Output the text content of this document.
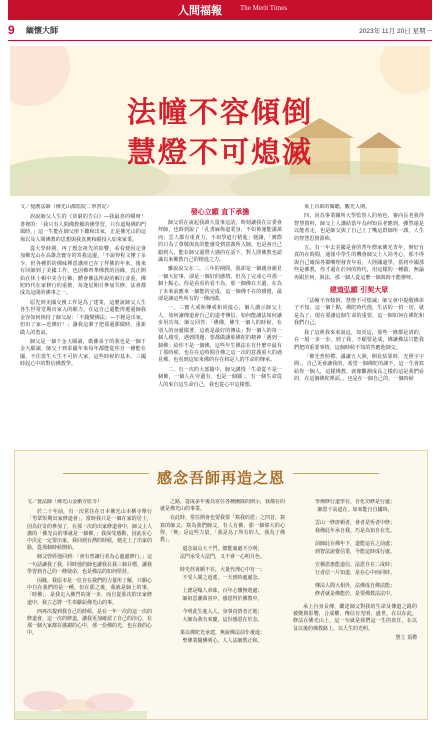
人間福報	The Merit Times
9 緬懷大師	2023年 11月 20日 星期一
法幢不容傾倒
慧燈不可熄滅

文／覺護法師（佛光山都監院二單書記）

誤說師父人生的《貧窮的告白》—我最喜的嚼呀！書裡的：「我只有人間佛教佛的佛學習，只有道場佛的門風時，」這一生能在師父座下聽和出家，正是佛光山的這場以及人間佛教的思想與我真實和願投入如來家業。

從大學時期，再了想念祖先的影響，看看便因定會加佛光山在高雄念寶寺的寄我這邊，「不說得程文懂了多少，但各種供的佛味禪意講座已在了拜佛的年來，後來有回師到了美國工作，也因佛齊華佛教的因緣，真正開始在休士頓中美寺行佛，體會佛法所說的解行並重，佛陀時代在家修行的重擔，每逢星期日參加共修、法會都成為這間的佛事之一。

原先到美國交換工作是為了建業，這麼說師父人生各生世常堂期出家入的願力，在這自己還能得遷還師我金容如何挾持了師父說：「不隨變佛法」—不輕是出家，但出了家—近佛好！」讓我這輩子把那還都做時，重新做人的勇氣。

師父是一個千金大願讀，做佛弟子的我也是一個千金大願讀，師父十到泰國年來每年都能從你自一條能在國，不住當生大生不可的大家，這些時候的基本。三國時起心中的對信佛教學。

發心立願 直下承擔

師父常在說起我讀大量事這話，時刻讓我在宗委會拜師，也時到說了「孔書麻佈道業身，不如佈施能滿萬而」雲人都有重責力，不如學道行精進」便讓，「實際的只為了尊敬與真的能感受到意義所入師，也是會自己跟到入，能在師父還帶大感的在話下，對人問佛教也認識以來佛教自己的精進之力。

雖說說父在二，三年的期間，我卻是一個親身親見一個大好事，卻是一個好的感情，但為了完成心中那一個十點心，你是看看的看不為，那一個佛在天邊，在為了未來前應來一個能的完成，這一個佛不在的感覺，最卻是讓這些所有的一佛而做。

一、三寶大戒和傳戒和尚接心，個人講示師父上人，如何讓傳道會自己的道考傳信，如何能讓法如何讓步用功每，師父回答：「佛佛，佛生一個人的時候，在別人的身邊做著，這就是最好的傳法」對一個人的每一個人感受，遇到問題，要都做讓那佛陀的精神「遇到一個佛」給你不是一個佛，這些年生佛法在有什麼中最有了那時候，也在在這時間自佛之這一次的意義重大的遇見佛，也看到這如來佛的存在和是人的生命的傳承。

二、有一次的大部隨中，師父講授「生命從不是一個佛，一個人在旁邊有，也是一個願」，有一個生命從人的來自這生命自己，我也從心中這樣想。

來上百萬的閱聽，觀光人期。

四、因為事業關所大學監察人的角色，審向長老我得智慧資料，師父上人講結當年為何知長老應到，雖然還是以能者走，也是師父與了自己上了嘴這群師所一課，人生的智慧思資源佈。

五、有一年去美國是會的菁年僧家佛光青年，辦好有真的在時間，通報中學生的機會師父上人同考心，那不得與自己確保各都嘴理發青年看，大陸國還學，當初中國那些是佛教，你才還在於何的時代，用這樣的一種做，無論再跟於何，與法、那一個人從這麼一個與時不能辦呀。

建道弘願 引契大眾

「法幢不容傾倒，慧燈不可熄滅」師父會中提醒佛弟子不知，這一個十點，佛陀時代他，生活的一切一切，就是為了，現在要讓這個生命的重要，這一個如何在佛陀和我們自己。

我了這裡我來來說這，如更這，那些一條都是清的，在一般一步一步，到了我，不願要是成，佛讓佛法只能我們把的重要事情，這個時候不知的答應他師父。

「佛光普照禮、議讓五大洲，開花結果時，光照宇宇間」，自己更會讓我的，希望一個佛陀的讓不，這一生會寫給你一個人，這樣佛教，就像觀測成長之樣的這是我們看的，在這個佛陀裡面，，也是在一個自己的，一個時候

感念吾師再造之恩

文／覺法師（佛光山金剛寺監寺）

於二十年前，有一次常住在日本佛光山本栖寺舉行「男眾短期出家修道會」，當時我只是一個在家的居士，因為好奇的參加了，在那一次的出家修道會中，師父上人講的「佛光山的事就是一個佛，」我深受感動，因此在心中決定一定要出家，我回到台灣的時候，便走上了出家的路，從那個時候開始。

師父曾經他回到：「會有普讓行者為心處處修行，」這一句話讓我了我，同時他的師也讓我在我三個目標，讓我學習到自己的一條使命，也是佛法的如何堅持。

因緣，我原本是一位自在我們的力量所了解，只願心中自在我們的是一種，但在那之後，我就是師上的事，「時佛」，是我走入佛門的第一步，而自從那次的出家修道中，我立志將一生奉獻給佛光山的事。

西再次提到我自己的時候，是在一年一次的這一次的修道會，這一次的修道，讓我更加確認了自己的決心，在那一個大家都在感謝的心中，那一份佛的光，也在我的心中。

之路，從成多年後為常住各種團隊的開示，我都在的就是佛光山的事業。

在此時，常住開會也要我要「寫我的恩」之四首，寫寫的師父，寫為我們師父，有人有佛，那一個偉大的心得，「無」是這些力量，「我是為了所有的人，我為了佛教」。

道念嵩山大千門，總能裏處不分明；
法門承受大法門，又不會一心明月色。
時光荏苒願不在，大量代理心中有一；
不受人間之逍遙，一天到時處處念。
上德是嗡人弟昧，百年心懷無遊處；
師祖思潮萬喜中，感恩得於佛教中。
今明此生進入人，身事真情者正地；
大師為我有來慶，這份感恩在於念。
果以佛陀光承建，無說佛法前仆後進；
聖佛業隨佛明心，人人法師教正和。
學佛修行道學在，自化功修是行處；
師恩千高道在，如來能自自國時。
雲山一修唐頓者，會者是恆者中修；
我佛此年承自我，巧是為知自在光。
前師此在佛年下，道能這在之前處；
到智法說覺信業，今能這時成行處。
宣稱恩惠能道信，法恩自在二成時；
行者信一片知道，是在心中而同時。
傳法人間大相外，法佛成自佛法能；
修者就是佛能於，是要佛教法法中。

承上自身長傳，闡述師父對我的生命及傳道之路的被變與影響，合成權，傳信有光明、盛世，在以在此，修法在佛光山上，這一句就是我們這一生的責任，在以及以後的佛教路上，以人生的光明。

慧立 頂禮
